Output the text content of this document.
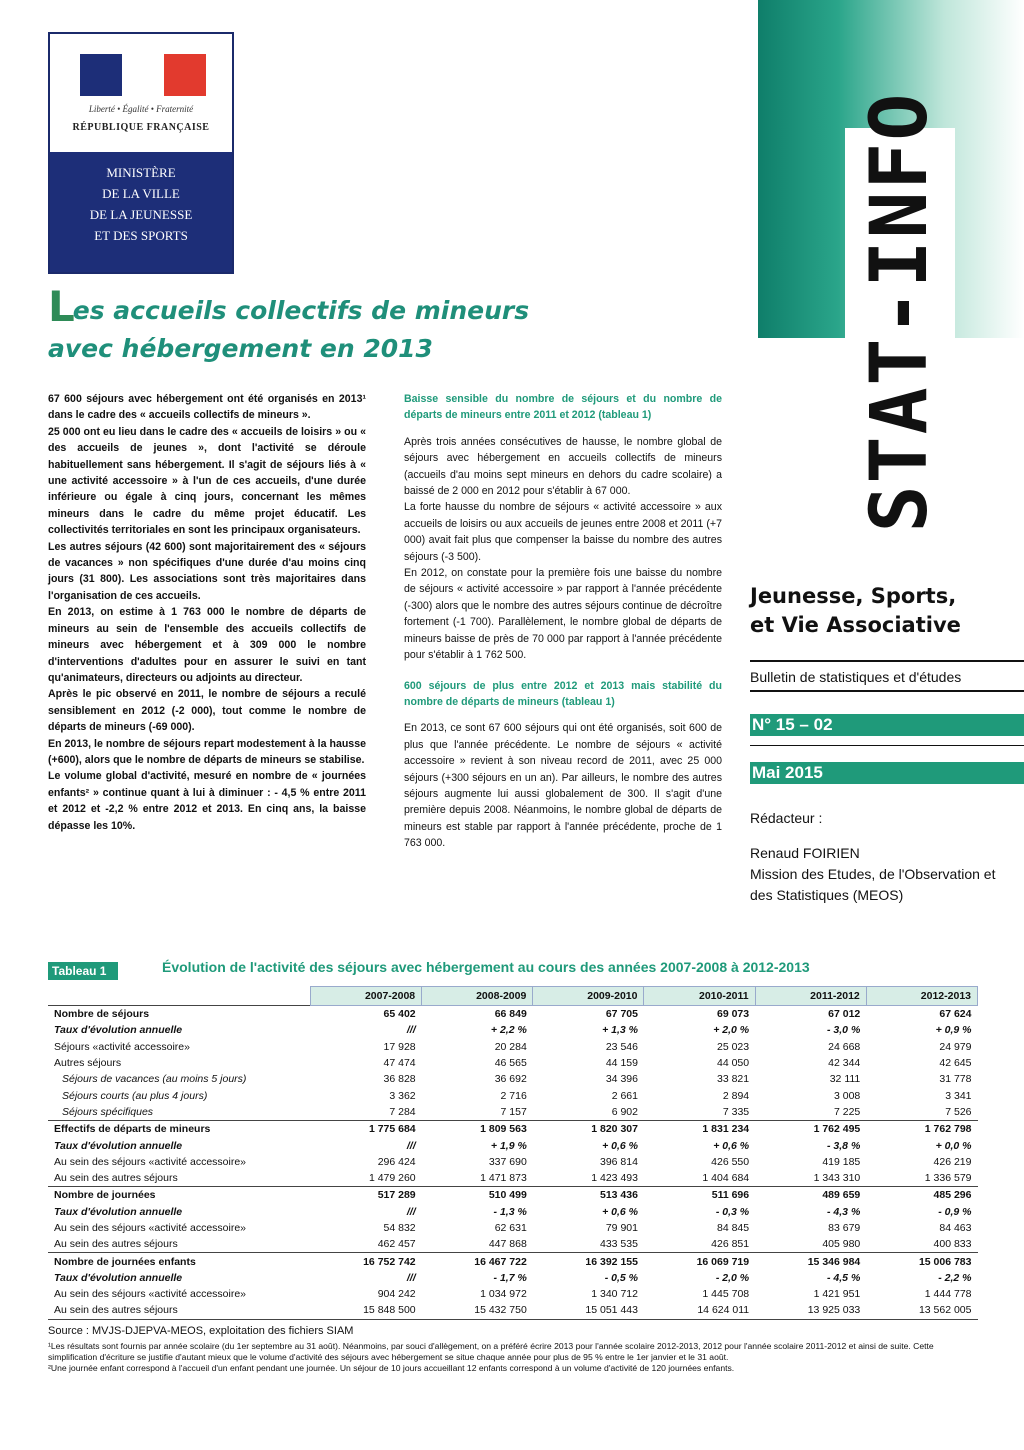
Liberté • Égalité • Fraternité
RÉPUBLIQUE FRANÇAISE
MINISTÈRE
DE LA VILLE
DE LA JEUNESSE
ET DES SPORTS
Les accueils collectifs de mineurs
avec hébergement en 2013	STAT-INFO
Jeunesse, Sports,
et Vie Associative
Bulletin de statistiques et d'études
N° 15 – 02
Mai 2015
Rédacteur :
Renaud FOIRIEN
Mission des Etudes, de l'Observation et des Statistiques (MEOS)

67 600 séjours avec hébergement ont été organisés en 2013¹ dans le cadre des « accueils collectifs de mineurs ».

25 000 ont eu lieu dans le cadre des « accueils de loisirs » ou « des accueils de jeunes », dont l'activité se déroule habituellement sans hébergement. Il s'agit de séjours liés à « une activité accessoire » à l'un de ces accueils, d'une durée inférieure ou égale à cinq jours, concernant les mêmes mineurs dans le cadre du même projet éducatif. Les collectivités territoriales en sont les principaux organisateurs.

Les autres séjours (42 600) sont majoritairement des « séjours de vacances » non spécifiques d'une durée d'au moins cinq jours (31 800). Les associations sont très majoritaires dans l'organisation de ces accueils.

En 2013, on estime à 1 763 000 le nombre de départs de mineurs au sein de l'ensemble des accueils collectifs de mineurs avec hébergement et à 309 000 le nombre d'interventions d'adultes pour en assurer le suivi en tant qu'animateurs, directeurs ou adjoints au directeur.

Après le pic observé en 2011, le nombre de séjours a reculé sensiblement en 2012 (-2 000), tout comme le nombre de départs de mineurs (-69 000).

En 2013, le nombre de séjours repart modestement à la hausse (+600), alors que le nombre de départs de mineurs se stabilise.

Le volume global d'activité, mesuré en nombre de « journées enfants² » continue quant à lui à diminuer : - 4,5 % entre 2011 et 2012 et -2,2 % entre 2012 et 2013. En cinq ans, la baisse dépasse les 10%.

Baisse sensible du nombre de séjours et du nombre de départs de mineurs entre 2011 et 2012 (tableau 1)

Après trois années consécutives de hausse, le nombre global de séjours avec hébergement en accueils collectifs de mineurs (accueils d'au moins sept mineurs en dehors du cadre scolaire) a baissé de 2 000 en 2012 pour s'établir à 67 000.

La forte hausse du nombre de séjours « activité accessoire » aux accueils de loisirs ou aux accueils de jeunes entre 2008 et 2011 (+7 000) avait fait plus que compenser la baisse du nombre des autres séjours (-3 500).

En 2012, on constate pour la première fois une baisse du nombre de séjours « activité accessoire » par rapport à l'année précédente (-300) alors que le nombre des autres séjours continue de décroître fortement (-1 700). Parallèlement, le nombre global de départs de mineurs baisse de près de 70 000 par rapport à l'année précédente pour s'établir à 1 762 500.

600 séjours de plus entre 2012 et 2013 mais stabilité du nombre de départs de mineurs (tableau 1)

En 2013, ce sont 67 600 séjours qui ont été organisés, soit 600 de plus que l'année précédente. Le nombre de séjours « activité accessoire » revient à son niveau record de 2011, avec 25 000 séjours (+300 séjours en un an). Par ailleurs, le nombre des autres séjours augmente lui aussi globalement de 300. Il s'agit d'une première depuis 2008. Néanmoins, le nombre global de départs de mineurs est stable par rapport à l'année précédente, proche de 1 763 000.

Tableau 1	Évolution de l'activité des séjours avec hébergement au cours des années 2007-2008 à 2012-2013
	2007-2008	2008-2009	2009-2010	2010-2011	2011-2012	2012-2013
Nombre de séjours	65 402	66 849	67 705	69 073	67 012	67 624
Taux d'évolution annuelle	///	+ 2,2 %	+ 1,3 %	+ 2,0 %	- 3,0 %	+ 0,9 %
Séjours «activité accessoire»	17 928	20 284	23 546	25 023	24 668	24 979
Autres séjours	47 474	46 565	44 159	44 050	42 344	42 645
Séjours de vacances (au moins 5 jours)	36 828	36 692	34 396	33 821	32 111	31 778
Séjours courts (au plus 4 jours)	3 362	2 716	2 661	2 894	3 008	3 341
Séjours spécifiques	7 284	7 157	6 902	7 335	7 225	7 526
Effectifs de départs de mineurs	1 775 684	1 809 563	1 820 307	1 831 234	1 762 495	1 762 798
Taux d'évolution annuelle	///	+ 1,9 %	+ 0,6 %	+ 0,6 %	- 3,8 %	+ 0,0 %
Au sein des séjours «activité accessoire»	296 424	337 690	396 814	426 550	419 185	426 219
Au sein des autres séjours	1 479 260	1 471 873	1 423 493	1 404 684	1 343 310	1 336 579
Nombre de journées	517 289	510 499	513 436	511 696	489 659	485 296
Taux d'évolution annuelle	///	- 1,3 %	+ 0,6 %	- 0,3 %	- 4,3 %	- 0,9 %
Au sein des séjours «activité accessoire»	54 832	62 631	79 901	84 845	83 679	84 463
Au sein des autres séjours	462 457	447 868	433 535	426 851	405 980	400 833
Nombre de journées enfants	16 752 742	16 467 722	16 392 155	16 069 719	15 346 984	15 006 783
Taux d'évolution annuelle	///	- 1,7 %	- 0,5 %	- 2,0 %	- 4,5 %	- 2,2 %
Au sein des séjours «activité accessoire»	904 242	1 034 972	1 340 712	1 445 708	1 421 951	1 444 778
Au sein des autres séjours	15 848 500	15 432 750	15 051 443	14 624 011	13 925 033	13 562 005
Source : MVJS-DJEPVA-MEOS, exploitation des fichiers SIAM

¹Les résultats sont fournis par année scolaire (du 1er septembre au 31 août). Néanmoins, par souci d'allègement, on a préféré écrire 2013 pour l'année scolaire 2012-2013, 2012 pour l'année scolaire 2011-2012 et ainsi de suite. Cette simplification d'écriture se justifie d'autant mieux que le volume d'activité des séjours avec hébergement se situe chaque année pour plus de 95 % entre le 1er janvier et le 31 août.

²Une journée enfant correspond à l'accueil d'un enfant pendant une journée. Un séjour de 10 jours accueillant 12 enfants correspond à un volume d'activité de 120 journées enfants.
